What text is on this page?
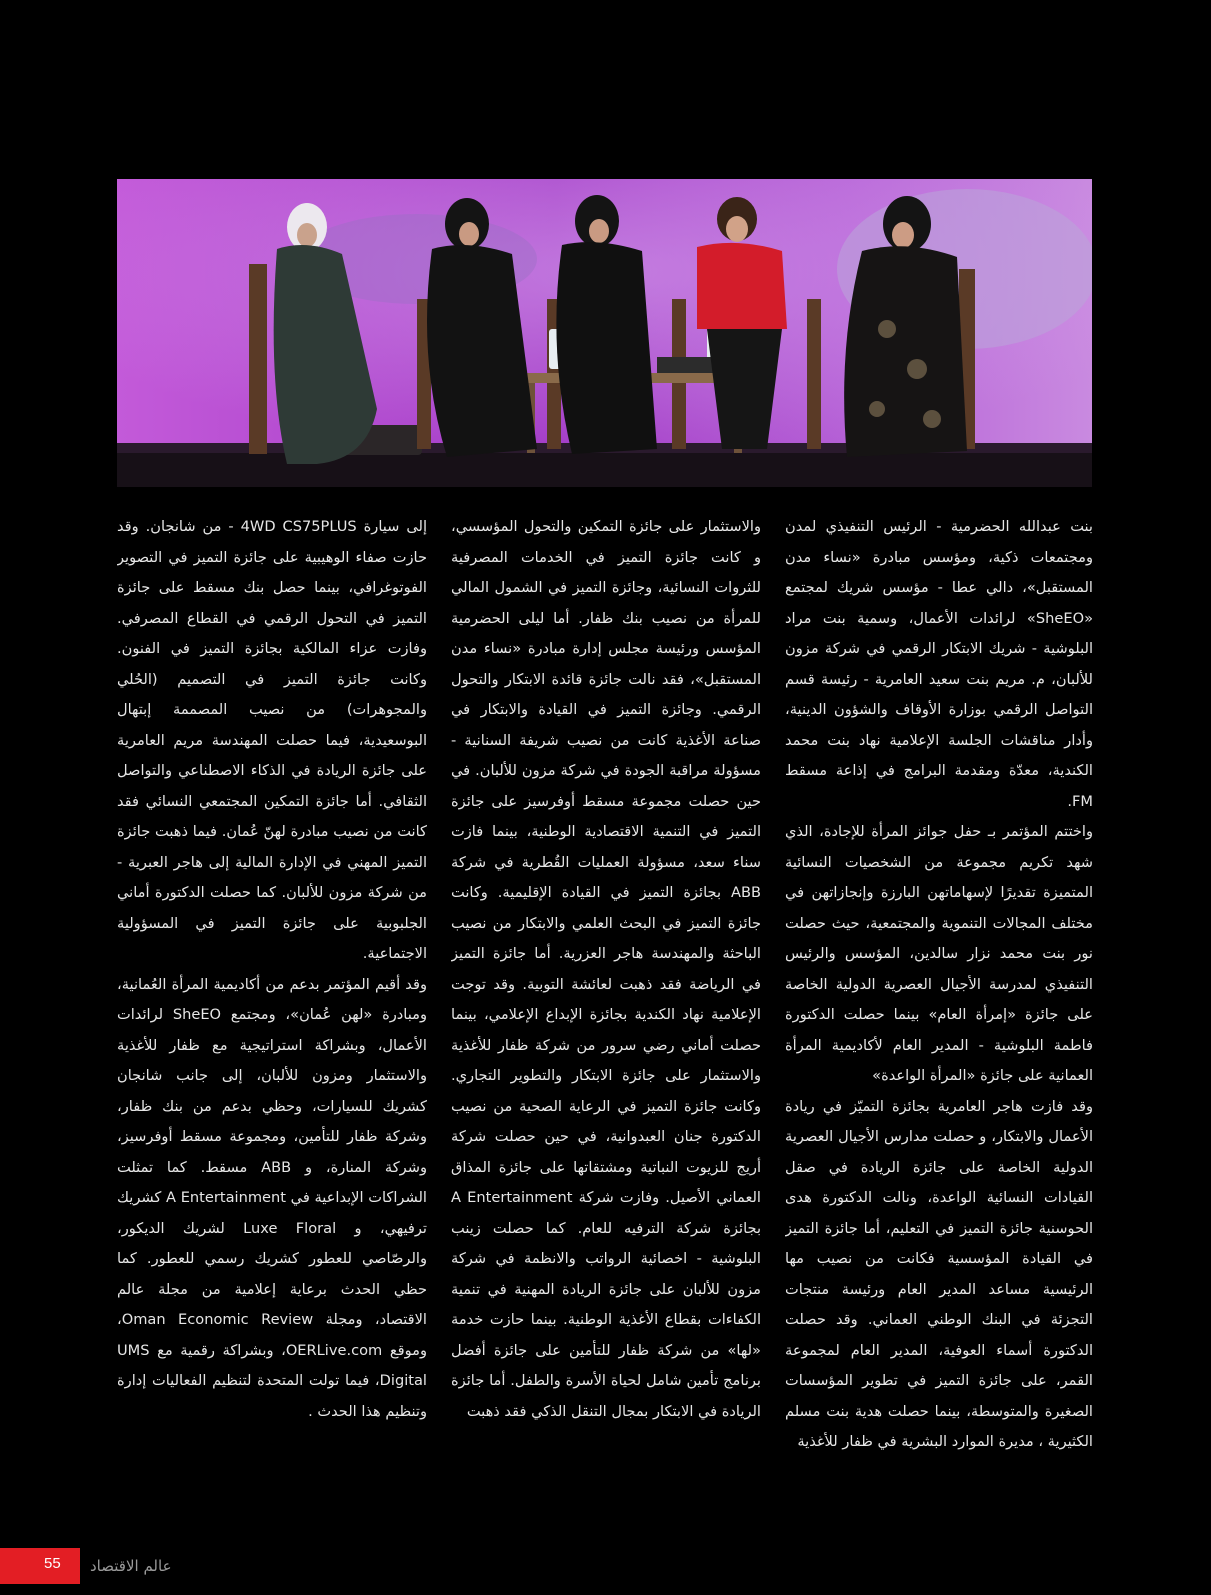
بنت عبدالله الحضرمية - الرئيس التنفيذي لمدن ومجتمعات ذكية، ومؤسس مبادرة «نساء مدن المستقبل»، دالي عطا - مؤسس شريك لمجتمع «SheEO» لرائدات الأعمال، وسمية بنت مراد البلوشية - شريك الابتكار الرقمي في شركة مزون للألبان، م. مريم بنت سعيد العامرية - رئيسة قسم التواصل الرقمي بوزارة الأوقاف والشؤون الدينية، وأدار مناقشات الجلسة الإعلامية نهاد بنت محمد الكندية، معدّة ومقدمة البرامج في إذاعة مسقط FM.

واختتم المؤتمر بـ حفل جوائز المرأة للإجادة، الذي شهد تكريم مجموعة من الشخصيات النسائية المتميزة تقديرًا لإسهاماتهن البارزة وإنجازاتهن في مختلف المجالات التنموية والمجتمعية، حيث حصلت نور بنت محمد نزار سالدين، المؤسس والرئيس التنفيذي لمدرسة الأجيال العصرية الدولية الخاصة على جائزة «إمرأة العام» بينما حصلت الدكتورة فاطمة البلوشية - المدير العام لأكاديمية المرأة العمانية على جائزة «المرأة الواعدة»

وقد فازت هاجر العامرية بجائزة التميّز في ريادة الأعمال والابتكار، و حصلت مدارس الأجيال العصرية الدولية الخاصة على جائزة الريادة في صقل القيادات النسائية الواعدة، ونالت الدكتورة هدى الحوسنية جائزة التميز في التعليم، أما جائزة التميز في القيادة المؤسسية فكانت من نصيب مها الرئيسية مساعد المدير العام ورئيسة منتجات التجزئة في البنك الوطني العماني. وقد حصلت الدكتورة أسماء العوفية، المدير العام لمجموعة القمر، على جائزة التميز في تطوير المؤسسات الصغيرة والمتوسطة، بينما حصلت هدية بنت مسلم الكثيرية ، مديرة الموارد البشرية في ظفار للأغذية

والاستثمار على جائزة التمكين والتحول المؤسسي، و كانت جائزة التميز في الخدمات المصرفية للثروات النسائية، وجائزة التميز في الشمول المالي للمرأة من نصيب بنك ظفار. أما ليلى الحضرمية المؤسس ورئيسة مجلس إدارة مبادرة «نساء مدن المستقبل»، فقد نالت جائزة قائدة الابتكار والتحول الرقمي. وجائزة التميز في القيادة والابتكار في صناعة الأغذية كانت من نصيب شريفة السنانية - مسؤولة مراقبة الجودة في شركة مزون للألبان. في حين حصلت مجموعة مسقط أوفرسيز على جائزة التميز في التنمية الاقتصادية الوطنية، بينما فازت سناء سعد، مسؤولة العمليات القُطرية في شركة ABB بجائزة التميز في القيادة الإقليمية. وكانت جائزة التميز في البحث العلمي والابتكار من نصيب الباحثة والمهندسة هاجر العزرية. أما جائزة التميز في الرياضة فقد ذهبت لعائشة التوبية. وقد توجت الإعلامية نهاد الكندية بجائزة الإبداع الإعلامي، بينما حصلت أماني رضي سرور من شركة ظفار للأغذية والاستثمار على جائزة الابتكار والتطوير التجاري. وكانت جائزة التميز في الرعاية الصحية من نصيب الدكتورة جنان العبدوانية، في حين حصلت شركة أريج للزيوت النباتية ومشتقاتها على جائزة المذاق العماني الأصيل. وفازت شركة A Entertainment بجائزة شركة الترفيه للعام. كما حصلت زينب البلوشية - اخصائية الرواتب والانظمة في شركة مزون للألبان على جائزة الريادة المهنية في تنمية الكفاءات بقطاع الأغذية الوطنية. بينما حازت خدمة «لها» من شركة ظفار للتأمين على جائزة أفضل برنامج تأمين شامل لحياة الأسرة والطفل. أما جائزة الريادة في الابتكار بمجال التنقل الذكي فقد ذهبت

إلى سيارة 4WD CS75PLUS - من شانجان. وقد حازت صفاء الوهيبية على جائزة التميز في التصوير الفوتوغرافي، بينما حصل بنك مسقط على جائزة التميز في التحول الرقمي في القطاع المصرفي. وفازت عزاء المالكية بجائزة التميز في الفنون. وكانت جائزة التميز في التصميم (الحُلي والمجوهرات) من نصيب المصممة إبتهال البوسعيدية، فيما حصلت المهندسة مريم العامرية على جائزة الريادة في الذكاء الاصطناعي والتواصل الثقافي. أما جائزة التمكين المجتمعي النسائي فقد كانت من نصيب مبادرة لهنّ عُمان. فيما ذهبت جائزة التميز المهني في الإدارة المالية إلى هاجر العبرية - من شركة مزون للألبان. كما حصلت الدكتورة أماني الجلبوبية على جائزة التميز في المسؤولية الاجتماعية.

وقد أقيم المؤتمر بدعم من أكاديمية المرأة العُمانية، ومبادرة «لهن عُمان»، ومجتمع SheEO لرائدات الأعمال، وبشراكة استراتيجية مع ظفار للأغذية والاستثمار ومزون للألبان، إلى جانب شانجان كشريك للسيارات، وحظي بدعم من بنك ظفار، وشركة ظفار للتأمين، ومجموعة مسقط أوفرسيز، وشركة المنارة، و ABB مسقط. كما تمثلت الشراكات الإبداعية في A Entertainment كشريك ترفيهي، و Luxe Floral لشريك الديكور، والرصّاصي للعطور كشريك رسمي للعطور. كما حظي الحدث برعاية إعلامية من مجلة عالم الاقتصاد، ومجلة Oman Economic Review، وموقع OERLive.com، وبشراكة رقمية مع UMS Digital، فيما تولت المتحدة لتنظيم الفعاليات إدارة وتنظيم هذا الحدث .

55 عالم الاقتصاد
